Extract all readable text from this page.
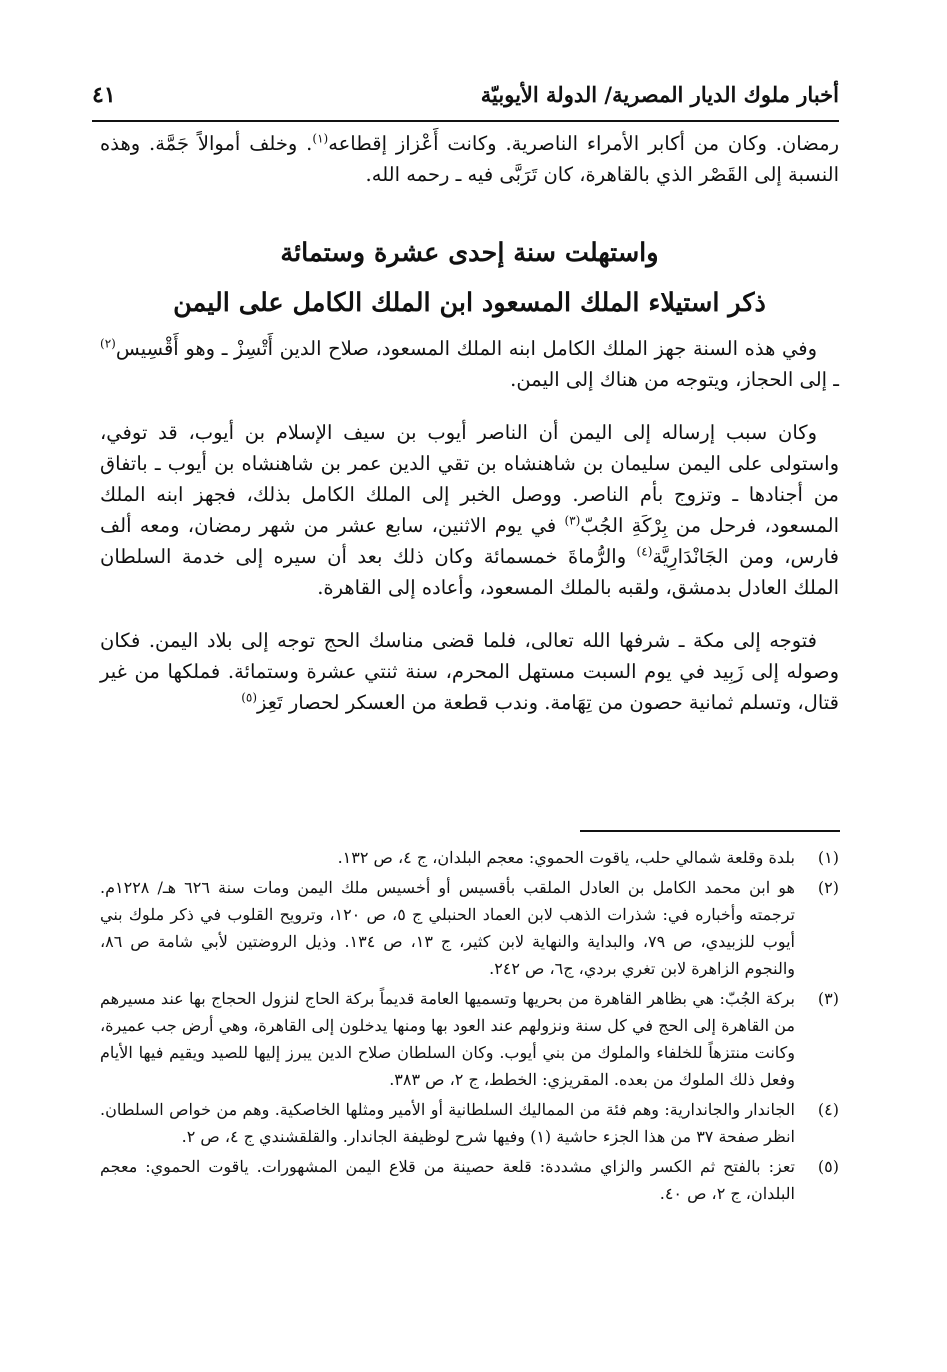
أخبار ملوك الديار المصرية/ الدولة الأيوبيّة
٤١

رمضان. وكان من أكابر الأمراء الناصرية. وكانت أَعْزاز إقطاعه$^{(١)}$. وخلف أموالاً جَمَّة. وهذه النسبة إلى القَصْر الذي بالقاهرة، كان تَرَبَّى فيه ـ رحمه الله.

واستهلت سنة إحدى عشرة وستمائة
ذكر استيلاء الملك المسعود ابن الملك الكامل على اليمن

وفي هذه السنة جهز الملك الكامل ابنه الملك المسعود، صلاح الدين أَتْسِزْ ـ وهو أَقْسِيس$^{(٢)}$ ـ إلى الحجاز، ويتوجه من هناك إلى اليمن.

وكان سبب إرساله إلى اليمن أن الناصر أيوب بن سيف الإسلام بن أيوب، قد توفي، واستولى على اليمن سليمان بن شاهنشاه بن تقي الدين عمر بن شاهنشاه بن أيوب ـ باتفاق من أجنادها ـ وتزوج بأم الناصر. ووصل الخبر إلى الملك الكامل بذلك، فجهز ابنه الملك المسعود، فرحل من بِرْكَةِ الجُبّ$^{(٣)}$ في يوم الاثنين، سابع عشر من شهر رمضان، ومعه ألف فارس، ومن الجَانْدَارِيَّة$^{(٤)}$ والرُّماةَ خمسمائة وكان ذلك بعد أن سيره إلى خدمة السلطان الملك العادل بدمشق، ولقبه بالملك المسعود، وأعاده إلى القاهرة.

فتوجه إلى مكة ـ شرفها الله تعالى، فلما قضى مناسك الحج توجه إلى بلاد اليمن. فكان وصوله إلى زَبِيد في يوم السبت مستهل المحرم، سنة ثنتي عشرة وستمائة. فملكها من غير قتال، وتسلم ثمانية حصون من تِهَامة. وندب قطعة من العسكر لحصار تَعِز$^{(٥)}$

(١)
بلدة وقلعة شمالي حلب، ياقوت الحموي: معجم البلدان، ج ٤، ص ١٣٢.
(٢)
هو ابن محمد الكامل بن العادل الملقب بأقسيس أو أخسيس ملك اليمن ومات سنة ٦٢٦ هـ/ ١٢٢٨م. ترجمته وأخباره في: شذرات الذهب لابن العماد الحنبلي ج ٥، ص ١٢٠، وترويح القلوب في ذكر ملوك بني أيوب للزبيدي، ص ٧٩، والبداية والنهاية لابن كثير، ج ١٣، ص ١٣٤. وذيل الروضتين لأبي شامة ص ٨٦، والنجوم الزاهرة لابن تغري بردي، ج٦، ص ٢٤٢.
(٣)
بركة الجُبّ: هي بظاهر القاهرة من بحريها وتسميها العامة قديماً بركة الحاج لنزول الحجاج بها عند مسيرهم من القاهرة إلى الحج في كل سنة ونزولهم عند العود بها ومنها يدخلون إلى القاهرة، وهي أرض جب عميرة، وكانت منتزهاً للخلفاء والملوك من بني أيوب. وكان السلطان صلاح الدين يبرز إليها للصيد ويقيم فيها الأيام وفعل ذلك الملوك من بعده. المقريزي: الخطط، ج ٢، ص ٣٨٣.
(٤)
الجاندار والجاندارية: وهم فئة من المماليك السلطانية أو الأمير ومثلها الخاصكية. وهم من خواص السلطان. انظر صفحة ٣٧ من هذا الجزء حاشية (١) وفيها شرح لوظيفة الجاندار. والقلقشندي ج ٤، ص ٢.
(٥)
تعز: بالفتح ثم الكسر والزاي مشددة: قلعة حصينة من قلاع اليمن المشهورات. ياقوت الحموي: معجم البلدان، ج ٢، ص ٤٠.
